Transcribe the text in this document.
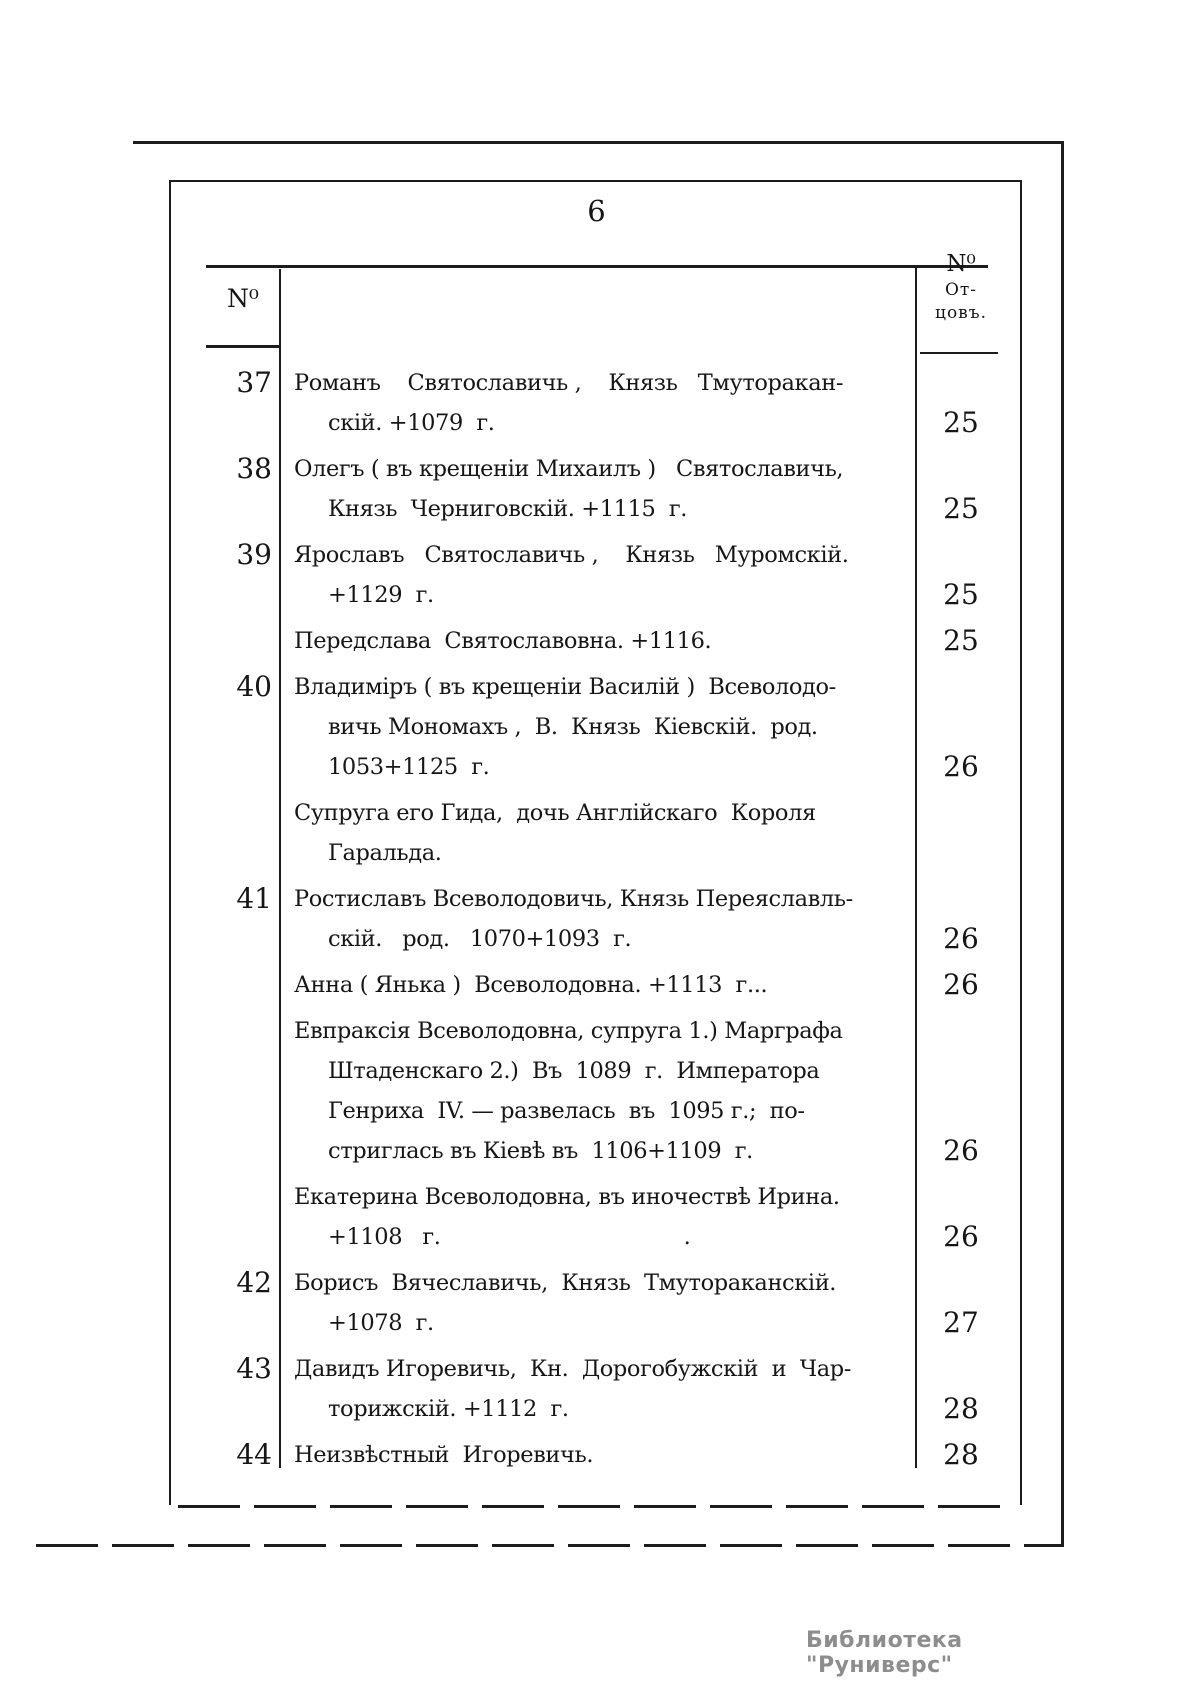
6
N⁰
N⁰
От-
цовъ.
37 Романъ    Святославичь ,    Князь   Тмуторакан-
скій. +1079  г.	25
38 Олегъ ( въ крещеніи Михаилъ )   Святославичь,
Князь  Черниговскій. +1115  г.	25
39 Ярославъ   Святославичь ,    Князь   Муромскій.
+1129  г.	25
Передслава  Святославовна. +1116.	25
40 Владиміръ ( въ крещеніи Василій )  Всеволодо-
вичь Мономахъ ,  В.  Князь  Кіевскій.  род.
1053+1125  г.	26
Супруга его Гида,  дочь Англійскаго  Короля
Гаральда.
41 Ростиславъ Всеволодовичь, Князь Переяславль-
скій.   род.   1070+1093  г.	26
Анна ( Янька )  Всеволодовна. +1113  г...	26
Евпраксія Всеволодовна, супруга 1.) Марграфа
Штаденскаго 2.)  Въ  1089  г.  Императора
Генриха  IV. — развелась  въ  1095 г.;  по-
стриглась въ Кіевѣ въ  1106+1109  г.	26
Екатерина Всеволодовна, въ иночествѣ Ирина.
+1108   г.                                    .	26
42 Борисъ  Вячеславичь,  Князь  Тмутораканскій.
+1078  г.	27
43 Давидъ Игоревичь,  Кн.  Дорогобужскій  и  Чар-
торижскій. +1112  г.	28
44 Неизвѣстный  Игоревичь.	28
Библиотека "Руниверс"
